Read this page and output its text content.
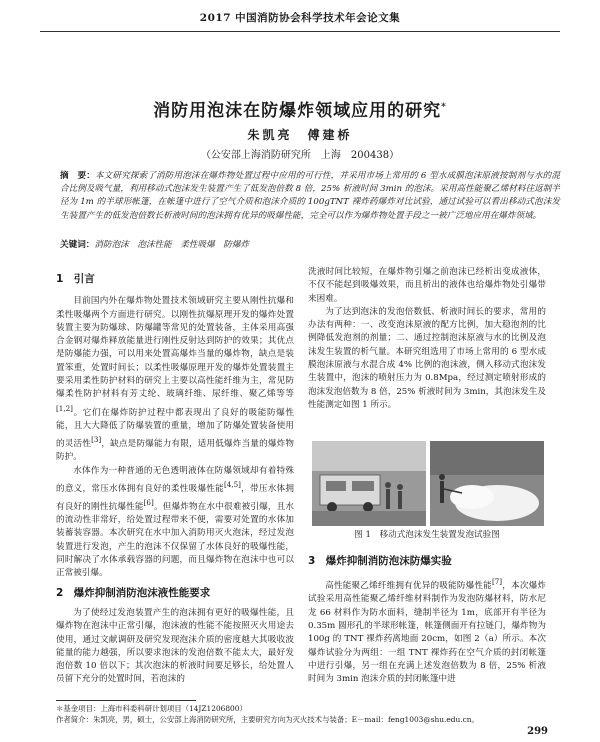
2017 中国消防协会科学技术年会论文集
消防用泡沫在防爆炸领域应用的研究*
朱凯亮　傅建桥
（公安部上海消防研究所　上海　200438）
摘　要：本文研究探索了消防用泡沫在爆炸物处置过程中应用的可行性，并采用市场上常用的 6 型水成膜泡沫原液按制剂与水的混合比例及吸气量，利用移动式泡沫发生装置产生了低发泡倍数 8 倍，25% 析液时间 3min 的泡沫。采用高性能聚乙烯材料往返制半径为 1m 的半球形帐篷，在帐篷中进行了空气介质和泡沫介质的 100gTNT 裸炸药爆炸对比试验，通过试验可以看出移动式泡沫发生装置产生的低发泡倍数长析液时间的泡沫拥有优异的吸爆性能，完全可以作为爆炸物处置手段之一被广泛地应用在爆炸领域。
关键词：消防泡沫　泡沫性能　柔性吸爆　防爆炸
1　引言

目前国内外在爆炸物处置技术领域研究主要从刚性抗爆和柔性吸爆两个方面进行研究。以刚性抗爆原理开发的爆炸处置装置主要为防爆球、防爆罐等常见的处置装备，主体采用高强合金钢对爆炸释放能量进行刚性反射达到防护的效果；其优点是防爆能力强，可以用来处置高爆炸当量的爆炸物，缺点是装置笨重，处置时间长；以柔性吸爆原理开发的爆炸处置装置主要采用柔性防护材料的研究上主要以高性能纤维为主，常见防爆柔性防护材料有芳丈纶、玻璃纤维、尿纤维、聚乙烯等等[1,2]。它们在爆炸防护过程中都表现出了良好的吸能防爆性能，且大大降低了防爆装置的重量，增加了防爆处置装备使用的灵活性[3]，缺点是防爆能力有限，适用低爆炸当量的爆炸物防护。

水体作为一种普通的无色透明液体在防爆领域却有着特殊的意义，常压水体拥有良好的柔性吸爆性能[4,5]，带压水体拥有良好的刚性抗爆性能[6]。但爆炸物在水中很难被引爆，且水的流动性非常好，给处置过程带来不便，需要对处置的水体加装蓄装容器。本次研究在水中加入消防用灭火泡沫，经过发泡装置进行发泡，产生的泡沫不仅保留了水体良好的吸爆性能，同时解决了水体承载容器的问题，而且爆炸物在泡沫中也可以正常被引爆。

2　爆炸抑制消防泡沫液性能要求

为了使经过发泡装置产生的泡沫拥有更好的吸爆性能，且爆炸物在泡沫中正常引爆，泡沫液的性能不能按照灭火用途去使用，通过文献调研及研究发现泡沫介质的密度越大其吸收波能量的能力越强，所以要求泡沫的发泡倍数不能太大，最好发泡倍数 10 倍以下；其次泡沫的析液时间要足够长，给处置人员留下充分的处置时间，若泡沫的

洗液时间比较短，在爆炸物引爆之前泡沫已经析出变成液体，不仅不能起到吸爆效果，而且析出的液体也给爆炸物处引爆带来困难。

为了达到泡沫的发泡倍数低、析液时间长的要求，常用的办法有两种：一、改变泡沫原液的配方比例，加大稳泡剂的比例降低发泡剂的剂量；二、通过控制泡沫原液与水的比例及泡沫发生装置的析气量。本研究组选用了市场上常用的 6 型水成膜泡沫原液与水混合成 4% 比例的泡沫液，侧入移动式泡沫发生装置中，泡沫的喷射压力为 0.8Mpa，经过测定喷射形成的泡沫发泡倍数为 8 倍，25% 析液时间为 3min，其泡沫发生及性能测定如图 1 所示。

图 1　移动式泡沫发生装置发泡试验图
3　爆炸抑制消防泡沫防爆实验

高性能聚乙烯纤维拥有优异的吸能防爆性能[7]，本次爆炸试验采用高性能聚乙烯纤维材料制作为发泡防爆材料，防水尼龙 66 材料作为防水面料，缝制半径为 1m，底部开有半径为 0.35m 圆形孔的半球形帐篷，帐篷侧面开有拉链门，爆炸物为 100g 的 TNT 裸炸药离地面 20cm，如图 2（a）所示。本次爆炸试验分为两组：一组 TNT 裸炸药在空气介质的封闭帐篷中进行引爆，另一组在充满上述发泡倍数为 8 倍，25% 析液时间为 3min 泡沫介质的封闭帐篷中进

＊基金项目：上海市科委科研计划项目（14JZ1206800）
作者简介：朱凯亮，男，硕士，公安部上海消防研究所，主要研究方向为灭火技术与装备；E－mail：feng1003@shu.edu.cn。
299
